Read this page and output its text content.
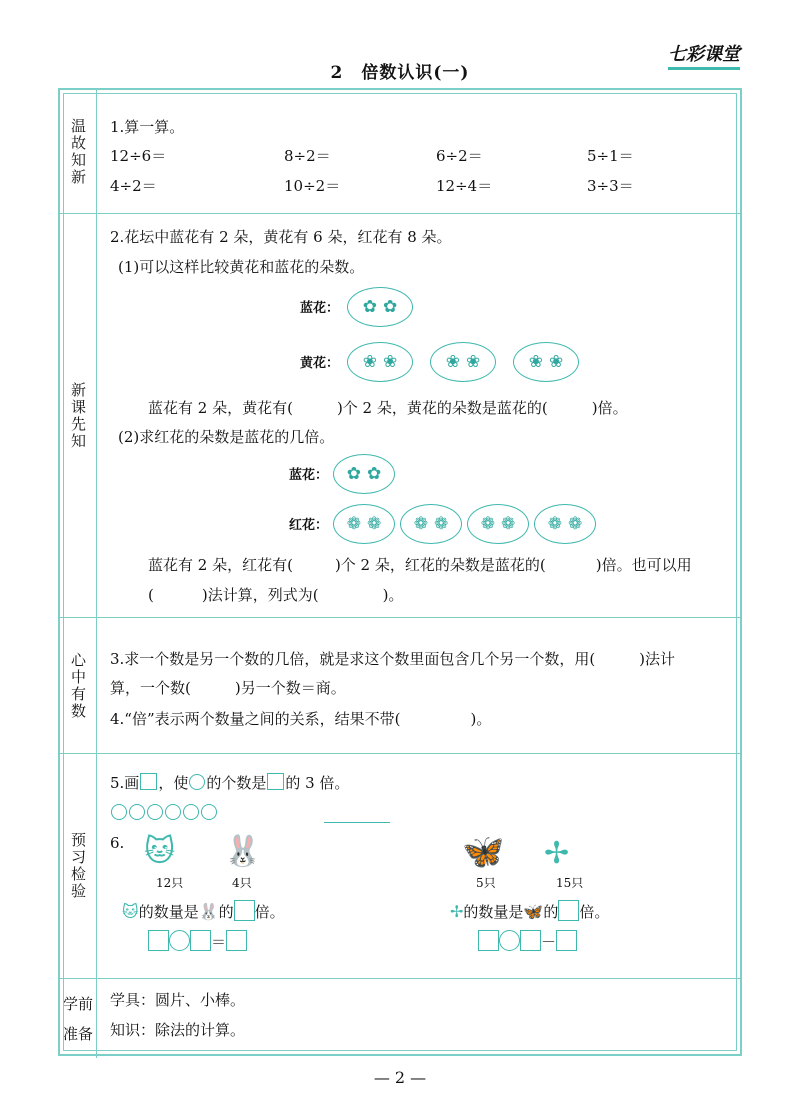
2　倍数认识(一)
七彩课堂
温故知新 1.算一算。
12÷6＝	8÷2＝	6÷2＝	5÷1＝
4÷2＝	10÷2＝	12÷4＝	3÷3＝
新课先知
2.花坛中蓝花有 2 朵，黄花有 6 朵，红花有 8 朵。
(1)可以这样比较黄花和蓝花的朵数。
蓝花： ✿ ✿
黄花： ❀ ❀	❀ ❀	❀ ❀
蓝花有 2 朵，黄花有(	)个 2 朵，黄花的朵数是蓝花的(	)倍。
(2)求红花的朵数是蓝花的几倍。
蓝花： ✿ ✿
红花： ❁ ❁ ❁ ❁ ❁ ❁ ❁ ❁
蓝花有 2 朵，红花有(	)个 2 朵，红花的朵数是蓝花的(	)倍。也可以用
(	)法计算，列式为(	)。
心中有数 3.求一个数是另一个数的几倍，就是求这个数里面包含几个另一个数，用(	)法计
算，一个数(	)另一个数＝商。
4.“倍”表示两个数量之间的关系，结果不带(	)。
预习检验
5.画 ，使 的个数是 的 3 倍。
6. 🐱 🐰
12只	4只
🦋 ✢
5只	15只
🐱的数量是🐰的 倍。
＝
✢的数量是🦋的 倍。
－
学前
准备
学具：圆片、小棒。
知识：除法的计算。
— 2 —
